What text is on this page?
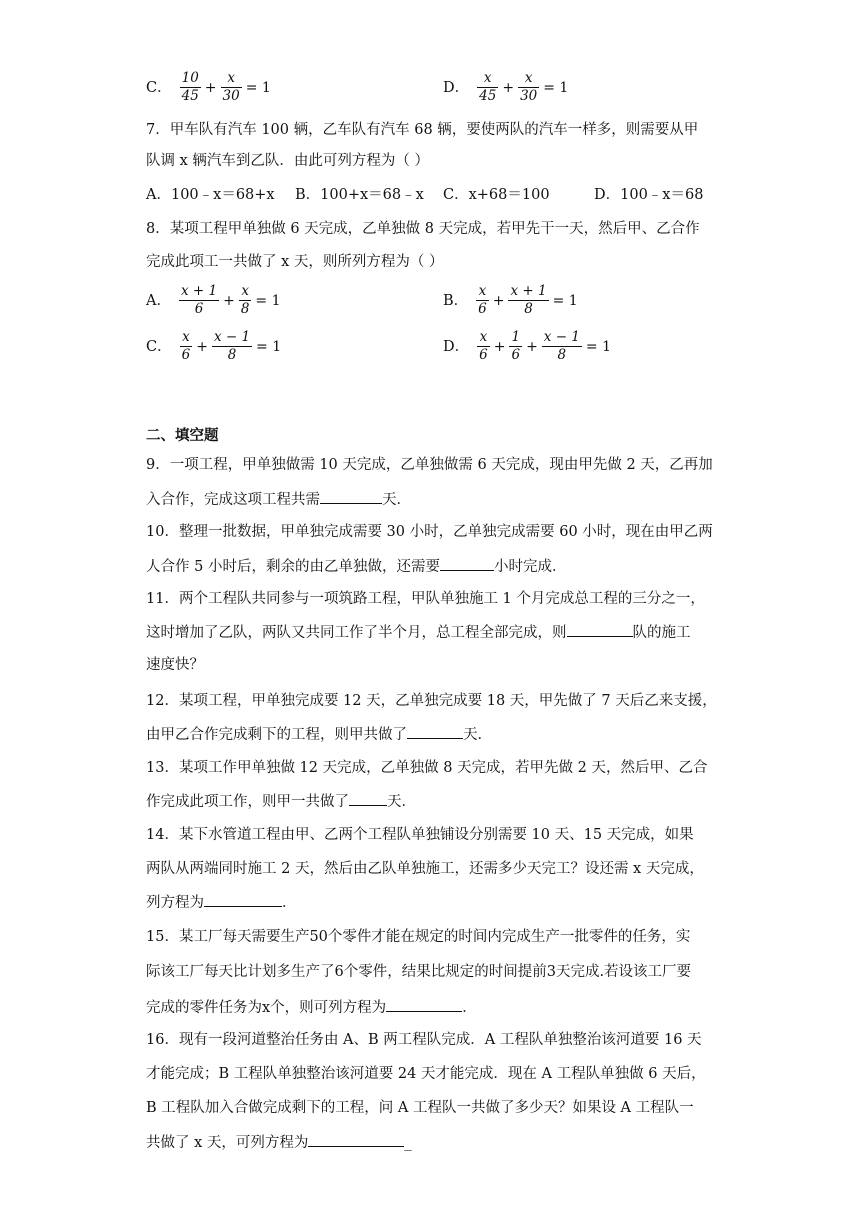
C． $\frac{10}{45} + \frac{x}{30} = 1$	D． $\frac{x}{45} + \frac{x}{30} = 1$
7．甲车队有汽车 100 辆，乙车队有汽车 68 辆，要使两队的汽车一样多，则需要从甲
队调 x 辆汽车到乙队．由此可列方程为（ ）
A．100﹣x＝68+x B．100+x＝68﹣x C．x+68＝100	D．100﹣x＝68
8．某项工程甲单独做 6 天完成，乙单独做 8 天完成，若甲先干一天，然后甲、乙合作
完成此项工一共做了 x 天，则所列方程为（ ）
A． $\frac{x + 1}{6} + \frac{x}{8} = 1$	B． $\frac{x}{6} + \frac{x + 1}{8} = 1$
C． $\frac{x}{6} + \frac{x - 1}{8} = 1$	D． $\frac{x}{6} + \frac{1}{6} + \frac{x - 1}{8} = 1$
二、填空题
9．一项工程，甲单独做需 10 天完成，乙单独做需 6 天完成，现由甲先做 2 天，乙再加
入合作，完成这项工程共需	天．
10．整理一批数据，甲单独完成需要 30 小时，乙单独完成需要 60 小时，现在由甲乙两
人合作 5 小时后，剩余的由乙单独做，还需要	小时完成．
11．两个工程队共同参与一项筑路工程，甲队单独施工 1 个月完成总工程的三分之一，
这时增加了乙队，两队又共同工作了半个月，总工程全部完成，则	队的施工
速度快？
12．某项工程，甲单独完成要 12 天，乙单独完成要 18 天，甲先做了 7 天后乙来支援，
由甲乙合作完成剩下的工程，则甲共做了	天．
13．某项工作甲单独做 12 天完成，乙单独做 8 天完成，若甲先做 2 天，然后甲、乙合
作完成此项工作，则甲一共做了	天．
14．某下水管道工程由甲、乙两个工程队单独铺设分别需要 10 天、15 天完成，如果
两队从两端同时施工 2 天，然后由乙队单独施工，还需多少天完工？设还需 x 天完成，
列方程为	．
15．某工厂每天需要生产50个零件才能在规定的时间内完成生产一批零件的任务，实
际该工厂每天比计划多生产了6个零件，结果比规定的时间提前3天完成.若设该工厂要
完成的零件任务为x个，则可列方程为	．
16．现有一段河道整治任务由 A、B 两工程队完成．A 工程队单独整治该河道要 16 天
才能完成；B 工程队单独整治该河道要 24 天才能完成．现在 A 工程队单独做 6 天后，
B 工程队加入合做完成剩下的工程，问 A 工程队一共做了多少天？如果设 A 工程队一
共做了 x 天，可列方程为	_
